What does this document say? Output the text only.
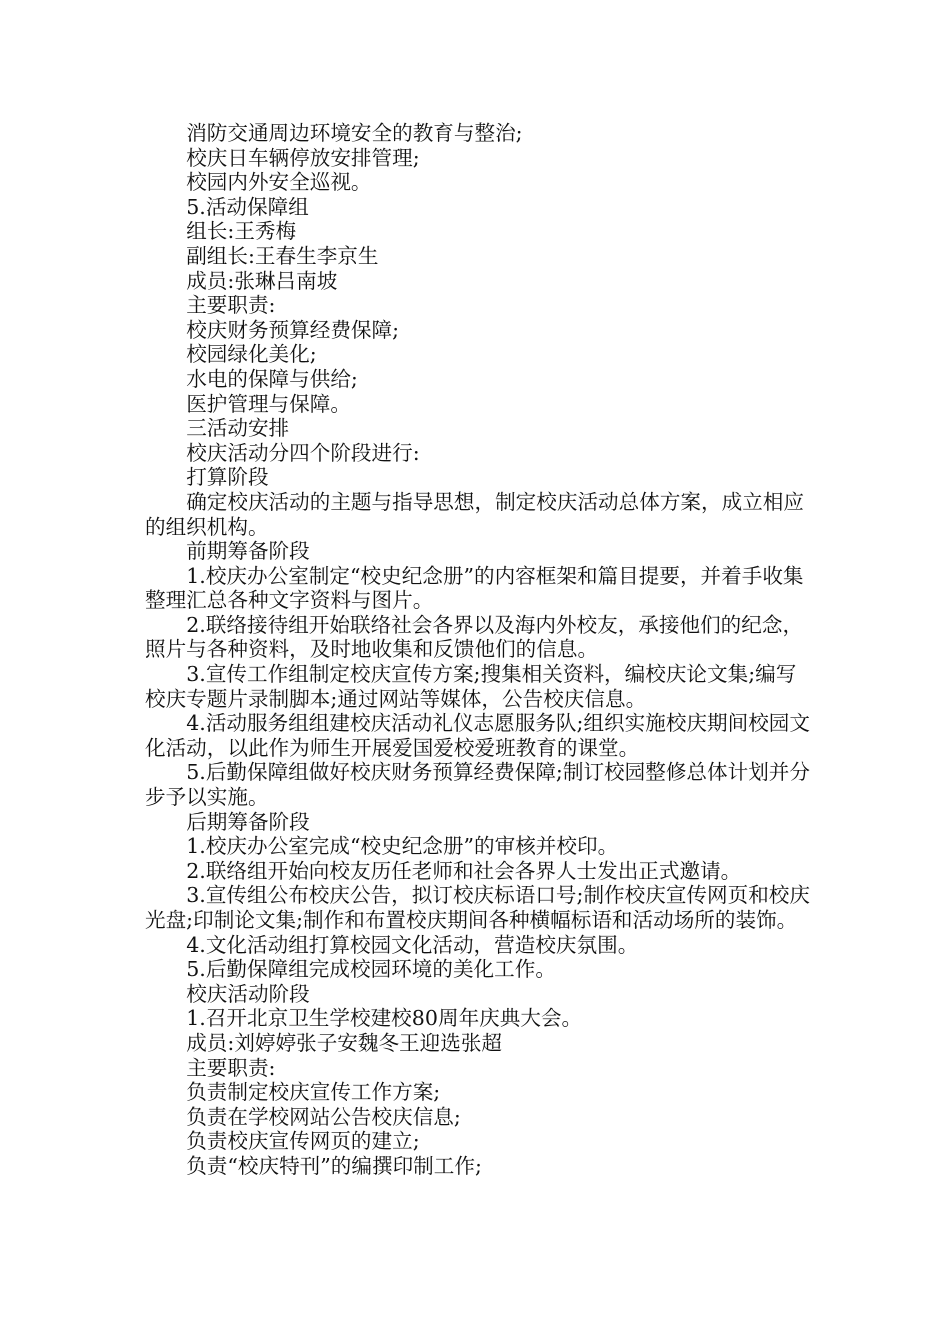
消防交通周边环境安全的教育与整治;

校庆日车辆停放安排管理;

校园内外安全巡视。

5.活动保障组

组长:王秀梅

副组长:王春生李京生

成员:张琳吕南坡

主要职责:

校庆财务预算经费保障;

校园绿化美化;

水电的保障与供给;

医护管理与保障。

三活动安排

校庆活动分四个阶段进行:

打算阶段

确定校庆活动的主题与指导思想，制定校庆活动总体方案，成立相应的组织机构。

前期筹备阶段

1.校庆办公室制定“校史纪念册”的内容框架和篇目提要，并着手收集整理汇总各种文字资料与图片。

2.联络接待组开始联络社会各界以及海内外校友，承接他们的纪念，照片与各种资料，及时地收集和反馈他们的信息。

3.宣传工作组制定校庆宣传方案;搜集相关资料，编校庆论文集;编写校庆专题片录制脚本;通过网站等媒体，公告校庆信息。

4.活动服务组组建校庆活动礼仪志愿服务队;组织实施校庆期间校园文化活动，以此作为师生开展爱国爱校爱班教育的课堂。

5.后勤保障组做好校庆财务预算经费保障;制订校园整修总体计划并分步予以实施。

后期筹备阶段

1.校庆办公室完成“校史纪念册”的审核并校印。

2.联络组开始向校友历任老师和社会各界人士发出正式邀请。

3.宣传组公布校庆公告，拟订校庆标语口号;制作校庆宣传网页和校庆光盘;印制论文集;制作和布置校庆期间各种横幅标语和活动场所的装饰。

4.文化活动组打算校园文化活动，营造校庆氛围。

5.后勤保障组完成校园环境的美化工作。

校庆活动阶段

1.召开北京卫生学校建校80周年庆典大会。

成员:刘婷婷张子安魏冬王迎选张超

主要职责:

负责制定校庆宣传工作方案;

负责在学校网站公告校庆信息;

负责校庆宣传网页的建立;

负责“校庆特刊”的编撰印制工作;
